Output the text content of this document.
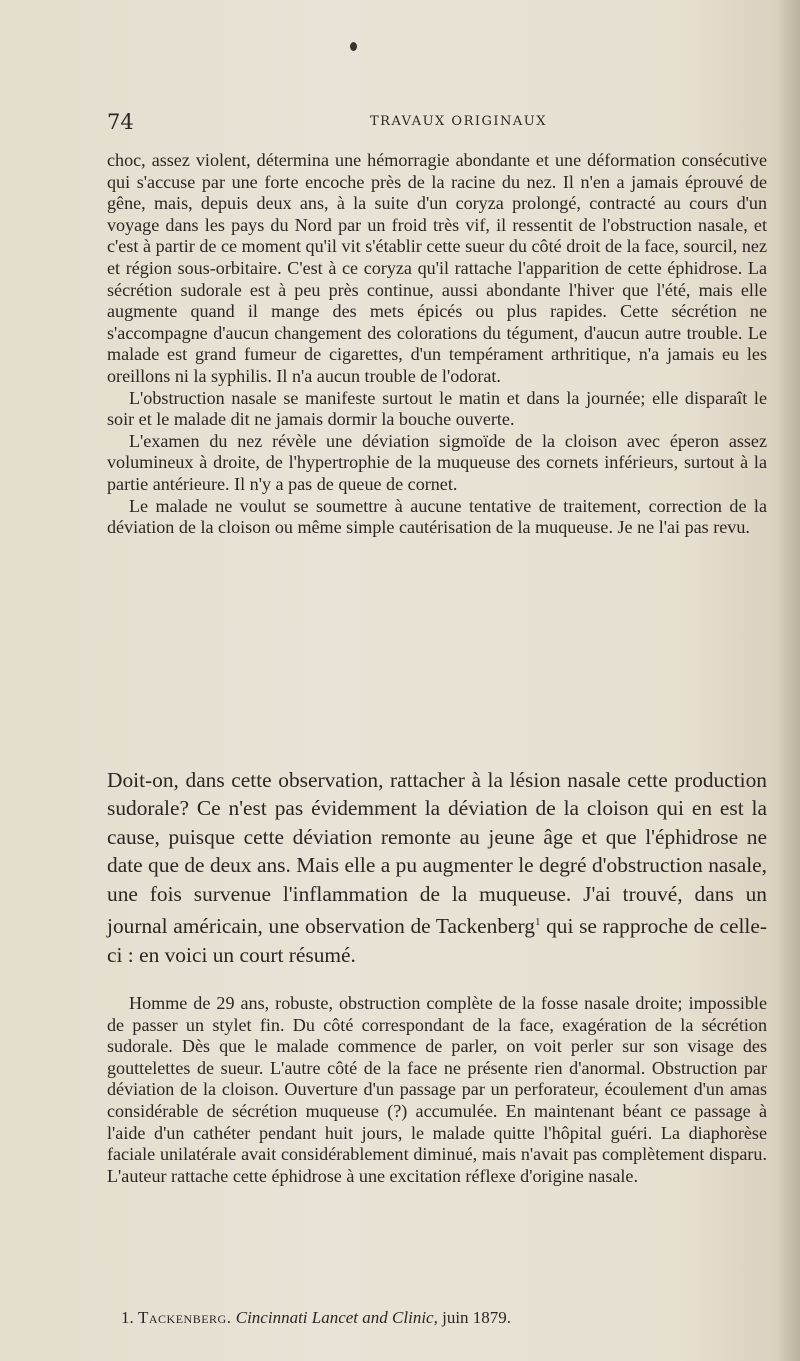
74	TRAVAUX ORIGINAUX

choc, assez violent, détermina une hémorragie abondante et une déformation consécutive qui s'accuse par une forte encoche près de la racine du nez. Il n'en a jamais éprouvé de gêne, mais, depuis deux ans, à la suite d'un coryza prolongé, contracté au cours d'un voyage dans les pays du Nord par un froid très vif, il ressentit de l'obstruction nasale, et c'est à partir de ce moment qu'il vit s'établir cette sueur du côté droit de la face, sourcil, nez et région sous-orbitaire. C'est à ce coryza qu'il rattache l'apparition de cette éphidrose. La sécrétion sudorale est à peu près continue, aussi abondante l'hiver que l'été, mais elle augmente quand il mange des mets épicés ou plus rapides. Cette sécrétion ne s'accompagne d'aucun changement des colorations du tégument, d'aucun autre trouble. Le malade est grand fumeur de cigarettes, d'un tempérament arthritique, n'a jamais eu les oreillons ni la syphilis. Il n'a aucun trouble de l'odorat.

L'obstruction nasale se manifeste surtout le matin et dans la journée; elle disparaît le soir et le malade dit ne jamais dormir la bouche ouverte.

L'examen du nez révèle une déviation sigmoïde de la cloison avec éperon assez volumineux à droite, de l'hypertrophie de la muqueuse des cornets inférieurs, surtout à la partie antérieure. Il n'y a pas de queue de cornet.

Le malade ne voulut se soumettre à aucune tentative de traitement, correction de la déviation de la cloison ou même simple cautérisation de la muqueuse. Je ne l'ai pas revu.

Doit-on, dans cette observation, rattacher à la lésion nasale cette production sudorale? Ce n'est pas évidemment la déviation de la cloison qui en est la cause, puisque cette déviation remonte au jeune âge et que l'éphidrose ne date que de deux ans. Mais elle a pu augmenter le degré d'obstruction nasale, une fois survenue l'inflammation de la muqueuse. J'ai trouvé, dans un journal américain, une observation de Tackenberg$^1$ qui se rapproche de celle-ci : en voici un court résumé.

Homme de 29 ans, robuste, obstruction complète de la fosse nasale droite; impossible de passer un stylet fin. Du côté correspondant de la face, exagération de la sécrétion sudorale. Dès que le malade commence de parler, on voit perler sur son visage des gouttelettes de sueur. L'autre côté de la face ne présente rien d'anormal. Obstruction par déviation de la cloison. Ouverture d'un passage par un perforateur, écoulement d'un amas considérable de sécrétion muqueuse (?) accumulée. En maintenant béant ce passage à l'aide d'un cathéter pendant huit jours, le malade quitte l'hôpital guéri. La diaphorèse faciale unilatérale avait considérablement diminué, mais n'avait pas complètement disparu. L'auteur rattache cette éphidrose à une excitation réflexe d'origine nasale.

1. Tackenberg. Cincinnati Lancet and Clinic, juin 1879.
